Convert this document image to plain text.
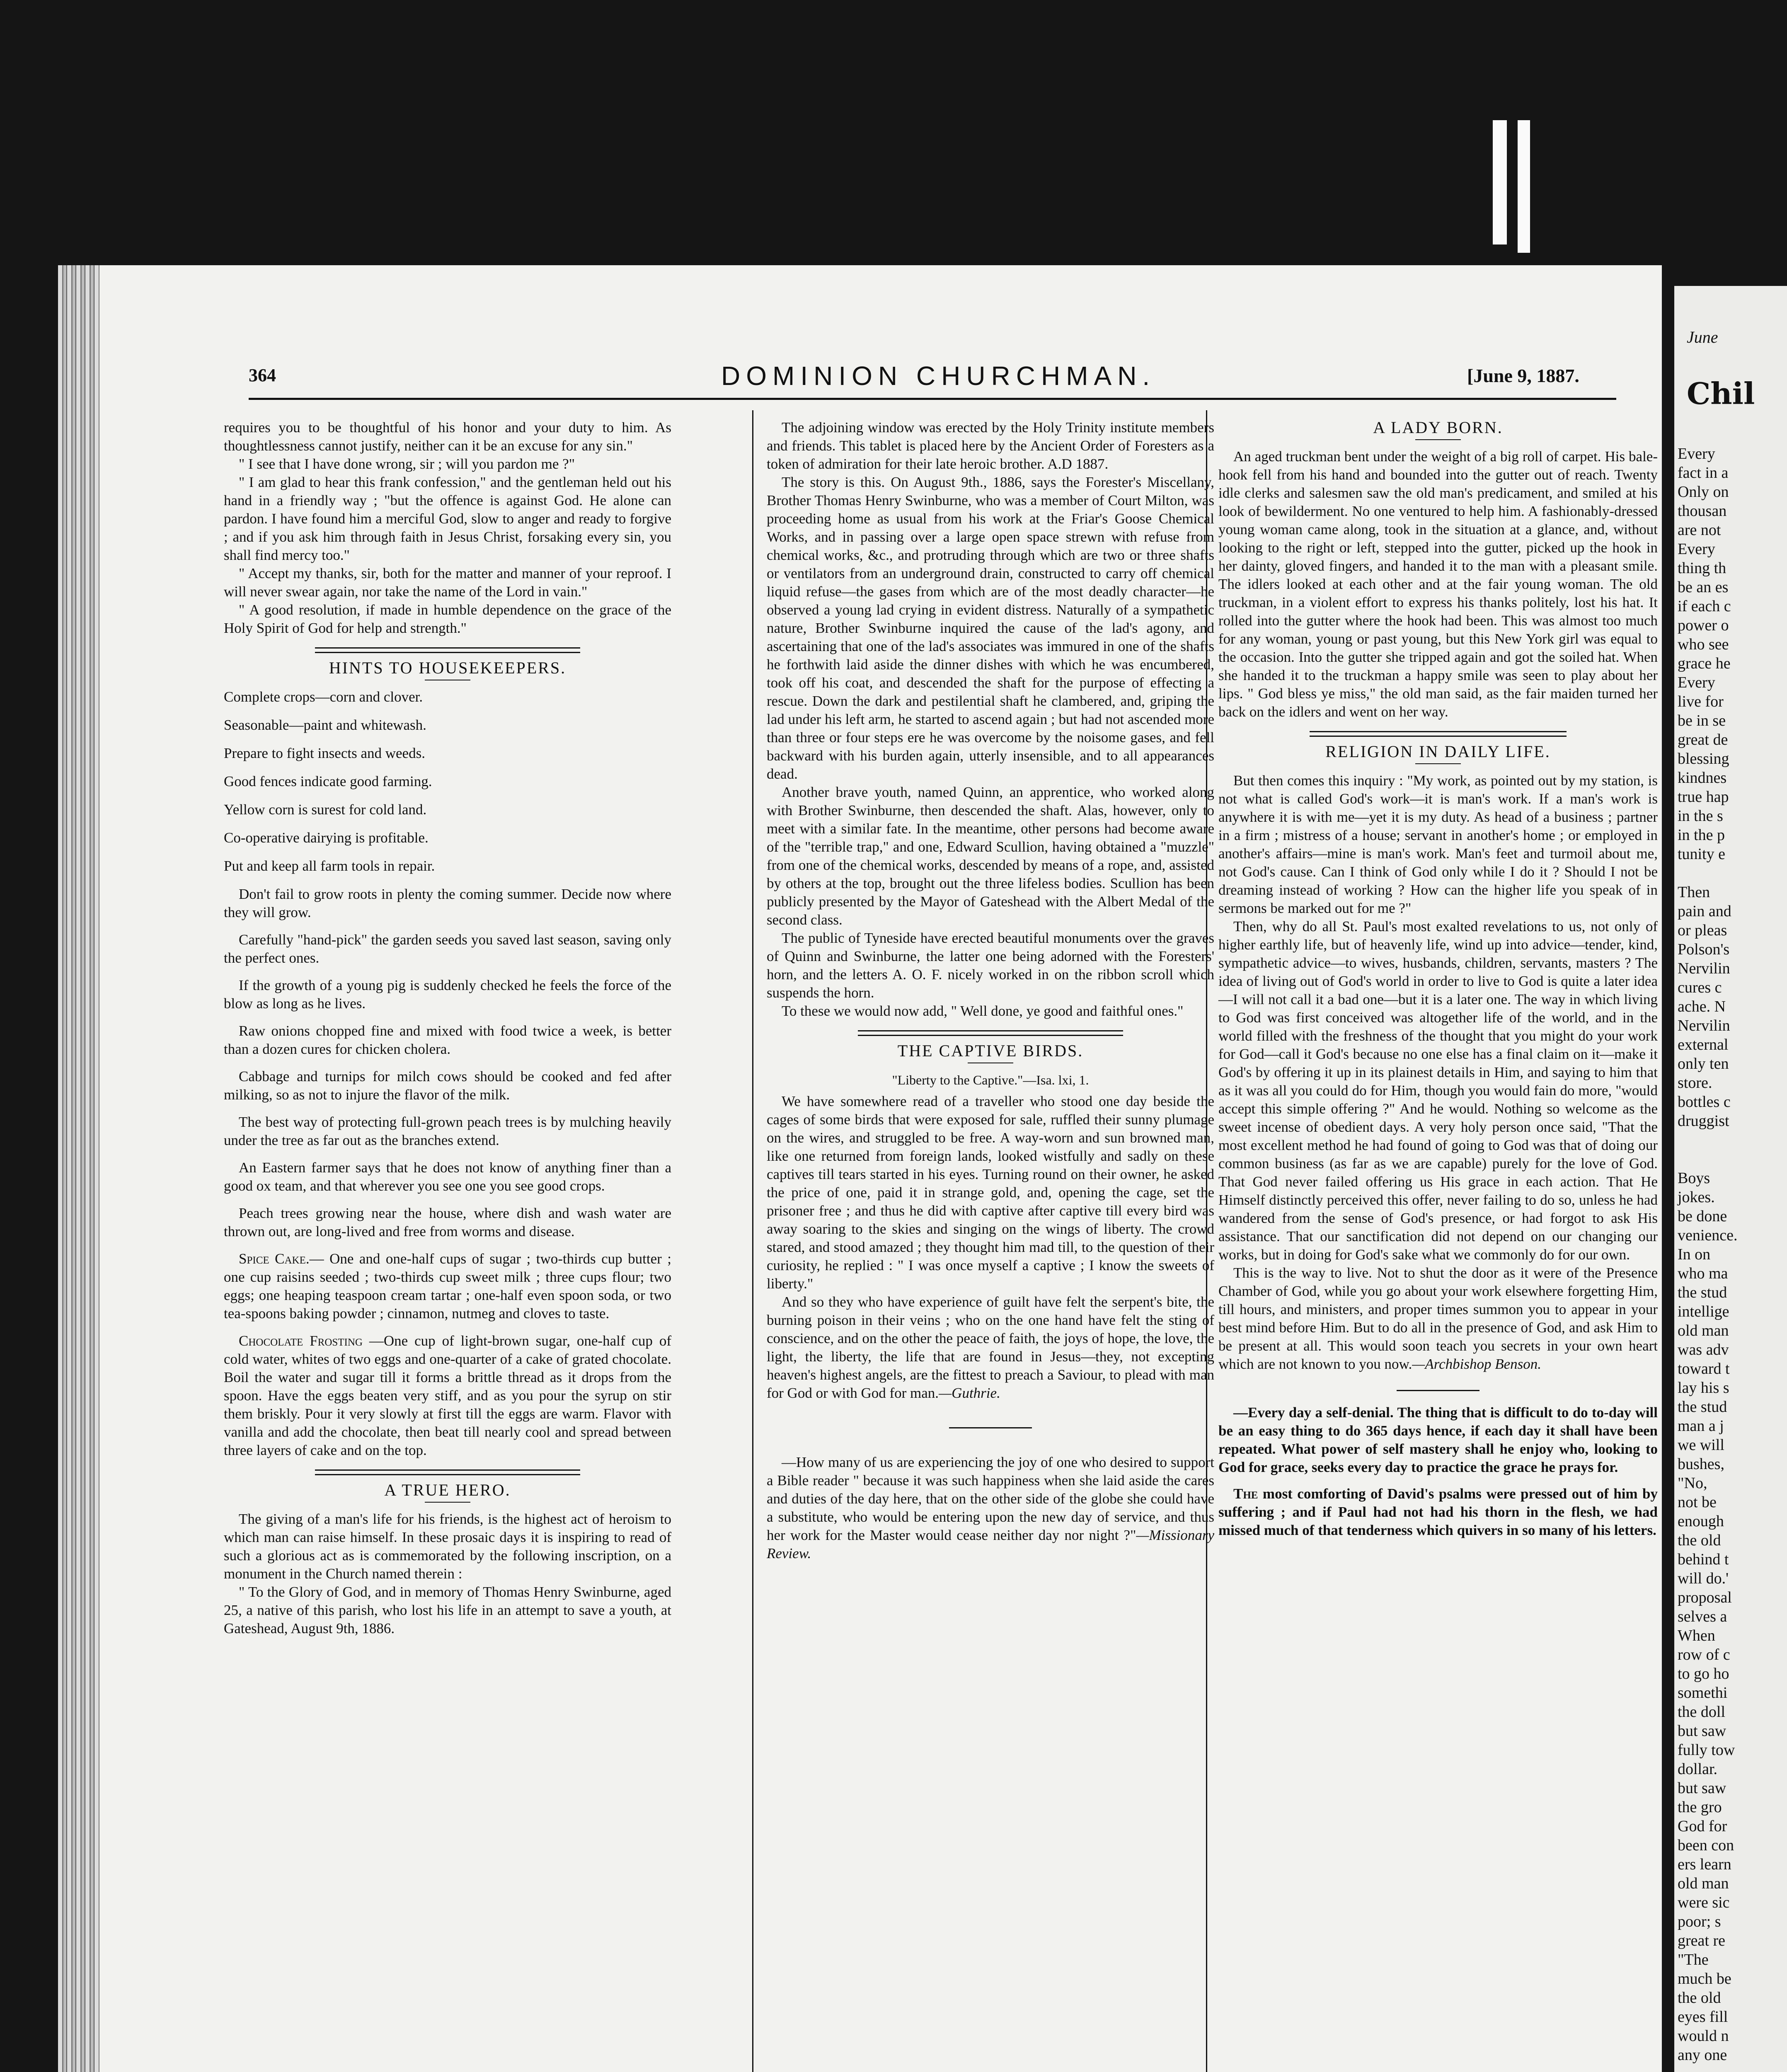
364	DOMINION CHURCHMAN.	[June 9, 1887.

requires you to be thoughtful of his honor and your duty to him. As thoughtlessness cannot justify, neither can it be an excuse for any sin."

" I see that I have done wrong, sir ; will you pardon me ?"

" I am glad to hear this frank confession," and the gentleman held out his hand in a friendly way ; "but the offence is against God. He alone can pardon. I have found him a merciful God, slow to anger and ready to forgive ; and if you ask him through faith in Jesus Christ, forsaking every sin, you shall find mercy too."

" Accept my thanks, sir, both for the matter and manner of your reproof. I will never swear again, nor take the name of the Lord in vain."

" A good resolution, if made in humble dependence on the grace of the Holy Spirit of God for help and strength."

HINTS TO HOUSEKEEPERS.

Complete crops—corn and clover.

Seasonable—paint and whitewash.

Prepare to fight insects and weeds.

Good fences indicate good farming.

Yellow corn is surest for cold land.

Co-operative dairying is profitable.

Put and keep all farm tools in repair.

Don't fail to grow roots in plenty the coming summer. Decide now where they will grow.

Carefully "hand-pick" the garden seeds you saved last season, saving only the perfect ones.

If the growth of a young pig is suddenly checked he feels the force of the blow as long as he lives.

Raw onions chopped fine and mixed with food twice a week, is better than a dozen cures for chicken cholera.

Cabbage and turnips for milch cows should be cooked and fed after milking, so as not to injure the flavor of the milk.

The best way of protecting full-grown peach trees is by mulching heavily under the tree as far out as the branches extend.

An Eastern farmer says that he does not know of anything finer than a good ox team, and that wherever you see one you see good crops.

Peach trees growing near the house, where dish and wash water are thrown out, are long-lived and free from worms and disease.

Spice Cake.— One and one-half cups of sugar ; two-thirds cup butter ; one cup raisins seeded ; two-thirds cup sweet milk ; three cups flour; two eggs; one heaping teaspoon cream tartar ; one-half even spoon soda, or two tea-spoons baking powder ; cinnamon, nutmeg and cloves to taste.

Chocolate Frosting —One cup of light-brown sugar, one-half cup of cold water, whites of two eggs and one-quarter of a cake of grated chocolate. Boil the water and sugar till it forms a brittle thread as it drops from the spoon. Have the eggs beaten very stiff, and as you pour the syrup on stir them briskly. Pour it very slowly at first till the eggs are warm. Flavor with vanilla and add the chocolate, then beat till nearly cool and spread between three layers of cake and on the top.

A TRUE HERO.

The giving of a man's life for his friends, is the highest act of heroism to which man can raise himself. In these prosaic days it is inspiring to read of such a glorious act as is commemorated by the following inscription, on a monument in the Church named therein :

" To the Glory of God, and in memory of Thomas Henry Swinburne, aged 25, a native of this parish, who lost his life in an attempt to save a youth, at Gateshead, August 9th, 1886.

The adjoining window was erected by the Holy Trinity institute members and friends. This tablet is placed here by the Ancient Order of Foresters as a token of admiration for their late heroic brother. A.D 1887.

The story is this. On August 9th., 1886, says the Forester's Miscellany, Brother Thomas Henry Swinburne, who was a member of Court Milton, was proceeding home as usual from his work at the Friar's Goose Chemical Works, and in passing over a large open space strewn with refuse from chemical works, &c., and protruding through which are two or three shafts or ventilators from an underground drain, constructed to carry off chemical liquid refuse—the gases from which are of the most deadly character—he observed a young lad crying in evident distress. Naturally of a sympathetic nature, Brother Swinburne inquired the cause of the lad's agony, and ascertaining that one of the lad's associates was immured in one of the shafts he forthwith laid aside the dinner dishes with which he was encumbered, took off his coat, and descended the shaft for the purpose of effecting a rescue. Down the dark and pestilential shaft he clambered, and, griping the lad under his left arm, he started to ascend again ; but had not ascended more than three or four steps ere he was overcome by the noisome gases, and fell backward with his burden again, utterly insensible, and to all appearances dead.

Another brave youth, named Quinn, an apprentice, who worked along with Brother Swinburne, then descended the shaft. Alas, however, only to meet with a similar fate. In the meantime, other persons had become aware of the "terrible trap," and one, Edward Scullion, having obtained a "muzzle" from one of the chemical works, descended by means of a rope, and, assisted by others at the top, brought out the three lifeless bodies. Scullion has been publicly presented by the Mayor of Gateshead with the Albert Medal of the second class.

The public of Tyneside have erected beautiful monuments over the graves of Quinn and Swinburne, the latter one being adorned with the Foresters' horn, and the letters A. O. F. nicely worked in on the ribbon scroll which suspends the horn.

To these we would now add, " Well done, ye good and faithful ones."

THE CAPTIVE BIRDS.

"Liberty to the Captive."—Isa. lxi, 1.

We have somewhere read of a traveller who stood one day beside the cages of some birds that were exposed for sale, ruffled their sunny plumage on the wires, and struggled to be free. A way-worn and sun browned man, like one returned from foreign lands, looked wistfully and sadly on these captives till tears started in his eyes. Turning round on their owner, he asked the price of one, paid it in strange gold, and, opening the cage, set the prisoner free ; and thus he did with captive after captive till every bird was away soaring to the skies and singing on the wings of liberty. The crowd stared, and stood amazed ; they thought him mad till, to the question of their curiosity, he replied : " I was once myself a captive ; I know the sweets of liberty."

And so they who have experience of guilt have felt the serpent's bite, the burning poison in their veins ; who on the one hand have felt the sting of conscience, and on the other the peace of faith, the joys of hope, the love, the light, the liberty, the life that are found in Jesus—they, not excepting heaven's highest angels, are the fittest to preach a Saviour, to plead with man for God or with God for man.—Guthrie.

—How many of us are experiencing the joy of one who desired to support a Bible reader " because it was such happiness when she laid aside the cares and duties of the day here, that on the other side of the globe she could have a substitute, who would be entering upon the new day of service, and thus her work for the Master would cease neither day nor night ?"—Missionary Review.

A LADY BORN.

An aged truckman bent under the weight of a big roll of carpet. His bale-hook fell from his hand and bounded into the gutter out of reach. Twenty idle clerks and salesmen saw the old man's predicament, and smiled at his look of bewilderment. No one ventured to help him. A fashionably-dressed young woman came along, took in the situation at a glance, and, without looking to the right or left, stepped into the gutter, picked up the hook in her dainty, gloved fingers, and handed it to the man with a pleasant smile. The idlers looked at each other and at the fair young woman. The old truckman, in a violent effort to express his thanks politely, lost his hat. It rolled into the gutter where the hook had been. This was almost too much for any woman, young or past young, but this New York girl was equal to the occasion. Into the gutter she tripped again and got the soiled hat. When she handed it to the truckman a happy smile was seen to play about her lips. " God bless ye miss," the old man said, as the fair maiden turned her back on the idlers and went on her way.

RELIGION IN DAILY LIFE.

But then comes this inquiry : "My work, as pointed out by my station, is not what is called God's work—it is man's work. If a man's work is anywhere it is with me—yet it is my duty. As head of a business ; partner in a firm ; mistress of a house; servant in another's home ; or employed in another's affairs—mine is man's work. Man's feet and turmoil about me, not God's cause. Can I think of God only while I do it ? Should I not be dreaming instead of working ? How can the higher life you speak of in sermons be marked out for me ?"

Then, why do all St. Paul's most exalted revelations to us, not only of higher earthly life, but of heavenly life, wind up into advice—tender, kind, sympathetic advice—to wives, husbands, children, servants, masters ? The idea of living out of God's world in order to live to God is quite a later idea—I will not call it a bad one—but it is a later one. The way in which living to God was first conceived was altogether life of the world, and in the world filled with the freshness of the thought that you might do your work for God—call it God's because no one else has a final claim on it—make it God's by offering it up in its plainest details in Him, and saying to him that as it was all you could do for Him, though you would fain do more, "would accept this simple offering ?" And he would. Nothing so welcome as the sweet incense of obedient days. A very holy person once said, "That the most excellent method he had found of going to God was that of doing our common business (as far as we are capable) purely for the love of God. That God never failed offering us His grace in each action. That He Himself distinctly perceived this offer, never failing to do so, unless he had wandered from the sense of God's presence, or had forgot to ask His assistance. That our sanctification did not depend on our changing our works, but in doing for God's sake what we commonly do for our own.

This is the way to live. Not to shut the door as it were of the Presence Chamber of God, while you go about your work elsewhere forgetting Him, till hours, and ministers, and proper times summon you to appear in your best mind before Him. But to do all in the presence of God, and ask Him to be present at all. This would soon teach you secrets in your own heart which are not known to you now.—Archbishop Benson.

—Every day a self-denial. The thing that is difficult to do to-day will be an easy thing to do 365 days hence, if each day it shall have been repeated. What power of self mastery shall he enjoy who, looking to God for grace, seeks every day to practice the grace he prays for.

The most comforting of David's psalms were pressed out of him by suffering ; and if Paul had not had his thorn in the flesh, we had missed much of that tenderness which quivers in so many of his letters.

June
Chil

Every

fact in a

Only on

thousan

are not

Every

thing th

be an es

if each c

power o

who see

grace he

Every

live for

be in se

great de

blessing

kindnes

true hap

in the s

in the p

tunity e

Then

pain and

or pleas

Polson's

Nervilin

cures c

ache. N

Nervilin

external

only ten

store.

bottles c

druggist

Boys

jokes.

be done

venience.

In on

who ma

the stud

intellige

old man

was adv

toward t

lay his s

the stud

man a j

we will

bushes,

"No,

not be

enough

the old

behind t

will do.'

proposal

selves a

When

row of c

to go ho

somethi

the doll

but saw

fully tow

dollar.

but saw

the gro

God for

been con

ers learn

old man

were sic

poor; s

great re

"The

much be

the old

eyes fill

would n

any one
